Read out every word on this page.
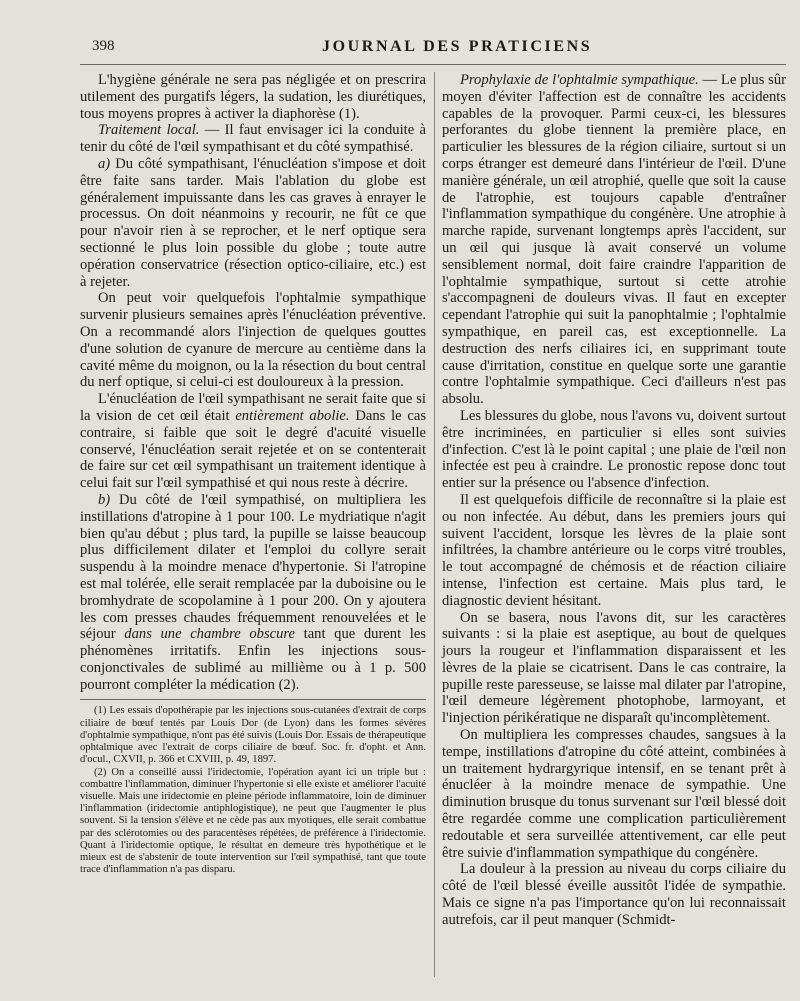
398	JOURNAL DES PRATICIENS

L'hygiène générale ne sera pas négligée et on prescrira utilement des purgatifs légers, la sudation, les diurétiques, tous moyens propres à activer la diaphorèse (1).

Traitement local. — Il faut envisager ici la conduite à tenir du côté de l'œil sympathisant et du côté sympathisé.

a) Du côté sympathisant, l'énucléation s'impose et doit être faite sans tarder. Mais l'ablation du globe est généralement impuissante dans les cas graves à enrayer le processus. On doit néanmoins y recourir, ne fût ce que pour n'avoir rien à se reprocher, et le nerf optique sera sectionné le plus loin possible du globe ; toute autre opération conservatrice (résection optico-ciliaire, etc.) est à rejeter.

On peut voir quelquefois l'ophtalmie sympathique survenir plusieurs semaines après l'énucléation préventive. On a recommandé alors l'injection de quelques gouttes d'une solution de cyanure de mercure au centième dans la cavité même du moignon, ou la la résection du bout central du nerf optique, si celui-ci est douloureux à la pression.

L'énucléation de l'œil sympathisant ne serait faite que si la vision de cet œil était entièrement abolie. Dans le cas contraire, si faible que soit le degré d'acuité visuelle conservé, l'énucléation serait rejetée et on se contenterait de faire sur cet œil sympathisant un traitement identique à celui fait sur l'œil sympathisé et qui nous reste à décrire.

b) Du côté de l'œil sympathisé, on multipliera les instillations d'atropine à 1 pour 100. Le mydriatique n'agit bien qu'au début ; plus tard, la pupille se laisse beaucoup plus difficilement dilater et l'emploi du collyre serait suspendu à la moindre menace d'hypertonie. Si l'atropine est mal tolérée, elle serait remplacée par la duboisine ou le bromhydrate de scopolamine à 1 pour 200. On y ajoutera les com presses chaudes fréquemment renouvelées et le séjour dans une chambre obscure tant que durent les phénomènes irritatifs. Enfin les injections sous-conjonctivales de sublimé au millième ou à 1 p. 500 pourront compléter la médication (2).

(1) Les essais d'opothérapie par les injections sous-cutanées d'extrait de corps ciliaire de bœuf tentés par Louis Dor (de Lyon) dans les formes sévères d'ophtalmie sympathique, n'ont pas été suivis (Louis Dor. Essais de thérapeutique ophtalmique avec l'extrait de corps ciliaire de bœuf. Soc. fr. d'opht. et Ann. d'ocul., CXVII, p. 366 et CXVIII, p. 49, 1897.

(2) On a conseillé aussi l'iridectomie, l'opération ayant ici un triple but : combattre l'inflammation, diminuer l'hypertonie si elle existe et améliorer l'acuité visuelle. Mais une iridectomie en pleine période inflammatoire, loin de diminuer l'inflammation (iridectomie antiphlogistique), ne peut que l'augmenter le plus souvent. Si la tension s'élève et ne cède pas aux myotiques, elle serait combattue par des sclérotomies ou des paracentèses répétées, de préférence à l'iridectomie. Quant à l'iridectomie optique, le résultat en demeure très hypothétique et le mieux est de s'abstenir de toute intervention sur l'œil sympathisé, tant que toute trace d'inflammation n'a pas disparu.

Prophylaxie de l'ophtalmie sympathique. — Le plus sûr moyen d'éviter l'affection est de connaître les accidents capables de la provoquer. Parmi ceux-ci, les blessures perforantes du globe tiennent la première place, en particulier les blessures de la région ciliaire, surtout si un corps étranger est demeuré dans l'intérieur de l'œil. D'une manière générale, un œil atrophié, quelle que soit la cause de l'atrophie, est toujours capable d'entraîner l'inflammation sympathique du congénère. Une atrophie à marche rapide, survenant longtemps après l'accident, sur un œil qui jusque là avait conservé un volume sensiblement normal, doit faire craindre l'apparition de l'ophtalmie sympathique, surtout si cette atrohie s'accompagneni de douleurs vivas. Il faut en excepter cependant l'atrophie qui suit la panophtalmie ; l'ophtalmie sympathique, en pareil cas, est exceptionnelle. La destruction des nerfs ciliaires ici, en supprimant toute cause d'irritation, constitue en quelque sorte une garantie contre l'ophtalmie sympathique. Ceci d'ailleurs n'est pas absolu.

Les blessures du globe, nous l'avons vu, doivent surtout être incriminées, en particulier si elles sont suivies d'infection. C'est là le point capital ; une plaie de l'œil non infectée est peu à craindre. Le pronostic repose donc tout entier sur la présence ou l'absence d'infection.

Il est quelquefois difficile de reconnaître si la plaie est ou non infectée. Au début, dans les premiers jours qui suivent l'accident, lorsque les lèvres de la plaie sont infiltrées, la chambre antérieure ou le corps vitré troubles, le tout accompagné de chémosis et de réaction ciliaire intense, l'infection est certaine. Mais plus tard, le diagnostic devient hésitant.

On se basera, nous l'avons dit, sur les caractères suivants : si la plaie est aseptique, au bout de quelques jours la rougeur et l'inflammation disparaissent et les lèvres de la plaie se cicatrisent. Dans le cas contraire, la pupille reste paresseuse, se laisse mal dilater par l'atropine, l'œil demeure légèrement photophobe, larmoyant, et l'injection périkératique ne disparaît qu'incomplètement.

On multipliera les compresses chaudes, sangsues à la tempe, instillations d'atropine du côté atteint, combinées à un traitement hydrargyrique intensif, en se tenant prêt à énucléer à la moindre menace de sympathie. Une diminution brusque du tonus survenant sur l'œil blessé doit être regardée comme une complication particulièrement redoutable et sera surveillée attentivement, car elle peut être suivie d'inflammation sympathique du congénère.

La douleur à la pression au niveau du corps ciliaire du côté de l'œil blessé éveille aussitôt l'idée de sympathie. Mais ce signe n'a pas l'importance qu'on lui reconnaissait autrefois, car il peut manquer (Schmidt-
